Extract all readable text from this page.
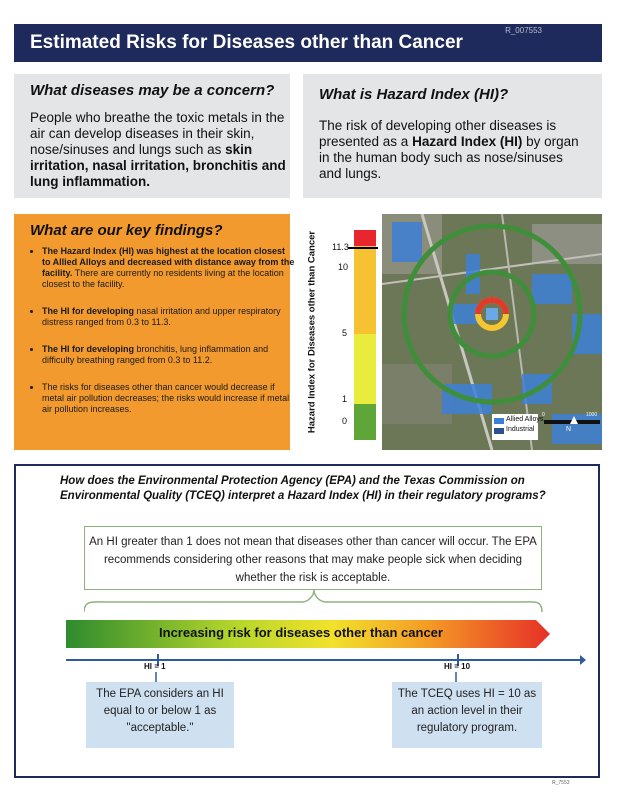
Estimated Risks for Diseases other than Cancer
R_007553
What diseases may be a concern?
People who breathe the toxic metals in the air can develop diseases in their skin, nose/sinuses and lungs such as skin irritation, nasal irritation, bronchitis and lung inflammation.
What is Hazard Index (HI)?
The risk of developing other diseases is presented as a Hazard Index (HI) by organ in the human body such as nose/sinuses and lungs.
What are our key findings?
• The Hazard Index (HI) was highest at the location closest to Allied Alloys and decreased with distance away from the facility. There are currently no residents living at the location closest to the facility.
• The HI for developing nasal irritation and upper respiratory distress ranged from 0.3 to 11.3.
• The HI for developing bronchitis, lung inflammation and difficulty breathing ranged from 0.3 to 11.2.
• The risks for diseases other than cancer would decrease if metal air pollution decreases; the risks would increase if metal air pollution increases.	Hazard Index for Diseases other than Cancer 11.3
10
5
1
0	Allied Alloys
Industrial
0	1000
N
How does the Environmental Protection Agency (EPA) and the Texas Commission on Environmental Quality (TCEQ) interpret a Hazard Index (HI) in their regulatory programs?
An HI greater than 1 does not mean that diseases other than cancer will occur. The EPA recommends considering other reasons that may make people sick when deciding whether the risk is acceptable.
Increasing risk for diseases other than cancer
HI = 1	HI = 10
The EPA considers an HI equal to or below 1 as "acceptable."
The TCEQ uses HI = 10 as an action level in their regulatory program.
R_7553
